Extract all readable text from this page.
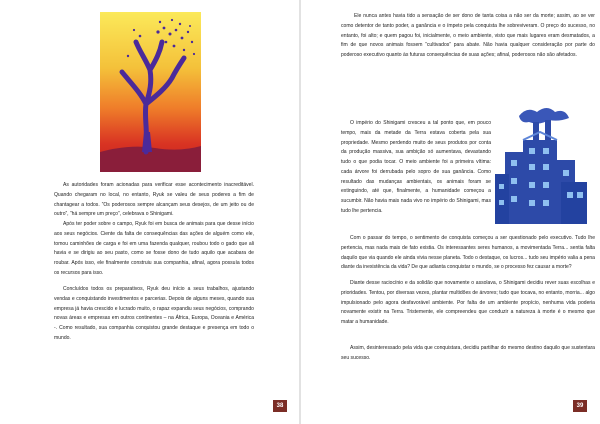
As autoridades foram acionadas para verificar esse acontecimento inacreditável. Quando chegaram no local, no entanto, Ryuk se valeu de seus poderes a fim de chantagear a todos. “Os poderosos sempre alcançam seus desejos, de um jeito ou de outro”, “há sempre um preço”, celebrava o Shinigami.

Após ter poder sobre o campo, Ryuk foi em busca de animais para que desse início aos seus negócios. Ciente da falta de consequências das ações de alguém como ele, tomou caminhões de carga e foi em uma fazenda qualquer, roubou todo o gado que ali havia e se dirigiu ao seu pasto, como se fosse dono de tudo aquilo que acabara de roubar. Após isso, ele finalmente construiu sua companhia, afinal, agora possuía todos os recursos para isso.

Concluídos todos os preparativos, Ryuk deu início a seus trabalhos, ajustando vendas e conquistando investimentos e parcerias. Depois de alguns meses, quando sua empresa já havia crescido e lucrado muito, o rapaz expandiu seus negócios, comprando novas áreas e empresas em outros continentes – na África, Europa, Oceania e América -. Como resultado, sua companhia conquistou grande destaque e presença em todo o mundo.

38

Ele nunca antes havia tido a sensação de ser dono de tanta coisa a não ser da morte; assim, ao se ver como detentor de tanto poder, a ganância e o ímpeto pela conquista lhe sobreviveram. O preço do sucesso, no entanto, foi alto; e quem pagou foi, inicialmente, o meio ambiente, visto que mais lugares eram desmatados, a fim de que novos animais fossem “cultivados” para abate. Não havia qualquer consideração por parte do poderoso executivo quanto às futuras consequências de suas ações; afinal, poderosos não são afetados.

O império do Shinigami cresceu a tal ponto que, em pouco tempo, mais da metade da Terra estava coberta pela sua propriedade. Mesmo perdendo muito de seus produtos por conta da produção massiva, sua ambição só aumentava, devastando tudo o que podia tocar. O meio ambiente foi a primeira vítima: cada árvore foi derrubada pelo sopro de sua ganância. Como resultado das mudanças ambientais, os animais foram se extinguindo, até que, finalmente, a humanidade começou a sucumbir. Não havia mais nada vivo no império do Shinigami, mas tudo lhe pertencia.

Com o passar do tempo, o sentimento de conquista começou a ser questionado pelo executivo. Tudo lhe pertencia, mas nada mais de fato existia. Os interessantes seres humanos, a movimentada Terra... sentia falta daquilo que via quando ele ainda vivia nesse planeta. Todo o destaque, os lucros... tudo seu império valia a pena diante da inexistência da vida? De que adianta conquistar o mundo, se o processo fez causar a morte?

Diante desse raciocínio e da solidão que novamente o assolava, o Shinigami decidiu rever suas escolhas e prioridades. Tentou, por diversas vezes, plantar multidões de árvores; tudo que tocava, no entanto, morria... algo impulsionado pelo agora desfavorável ambiente. Por falta de um ambiente propício, nenhuma vida poderia novamente existir na Terra. Tristemente, ele compreendeu que conduzir a natureza à morte é o mesmo que matar a humanidade.

Assim, desinteressado pela vida que conquistara, decidiu partilhar do mesmo destino daquilo que sustentara seu sucesso.

39
